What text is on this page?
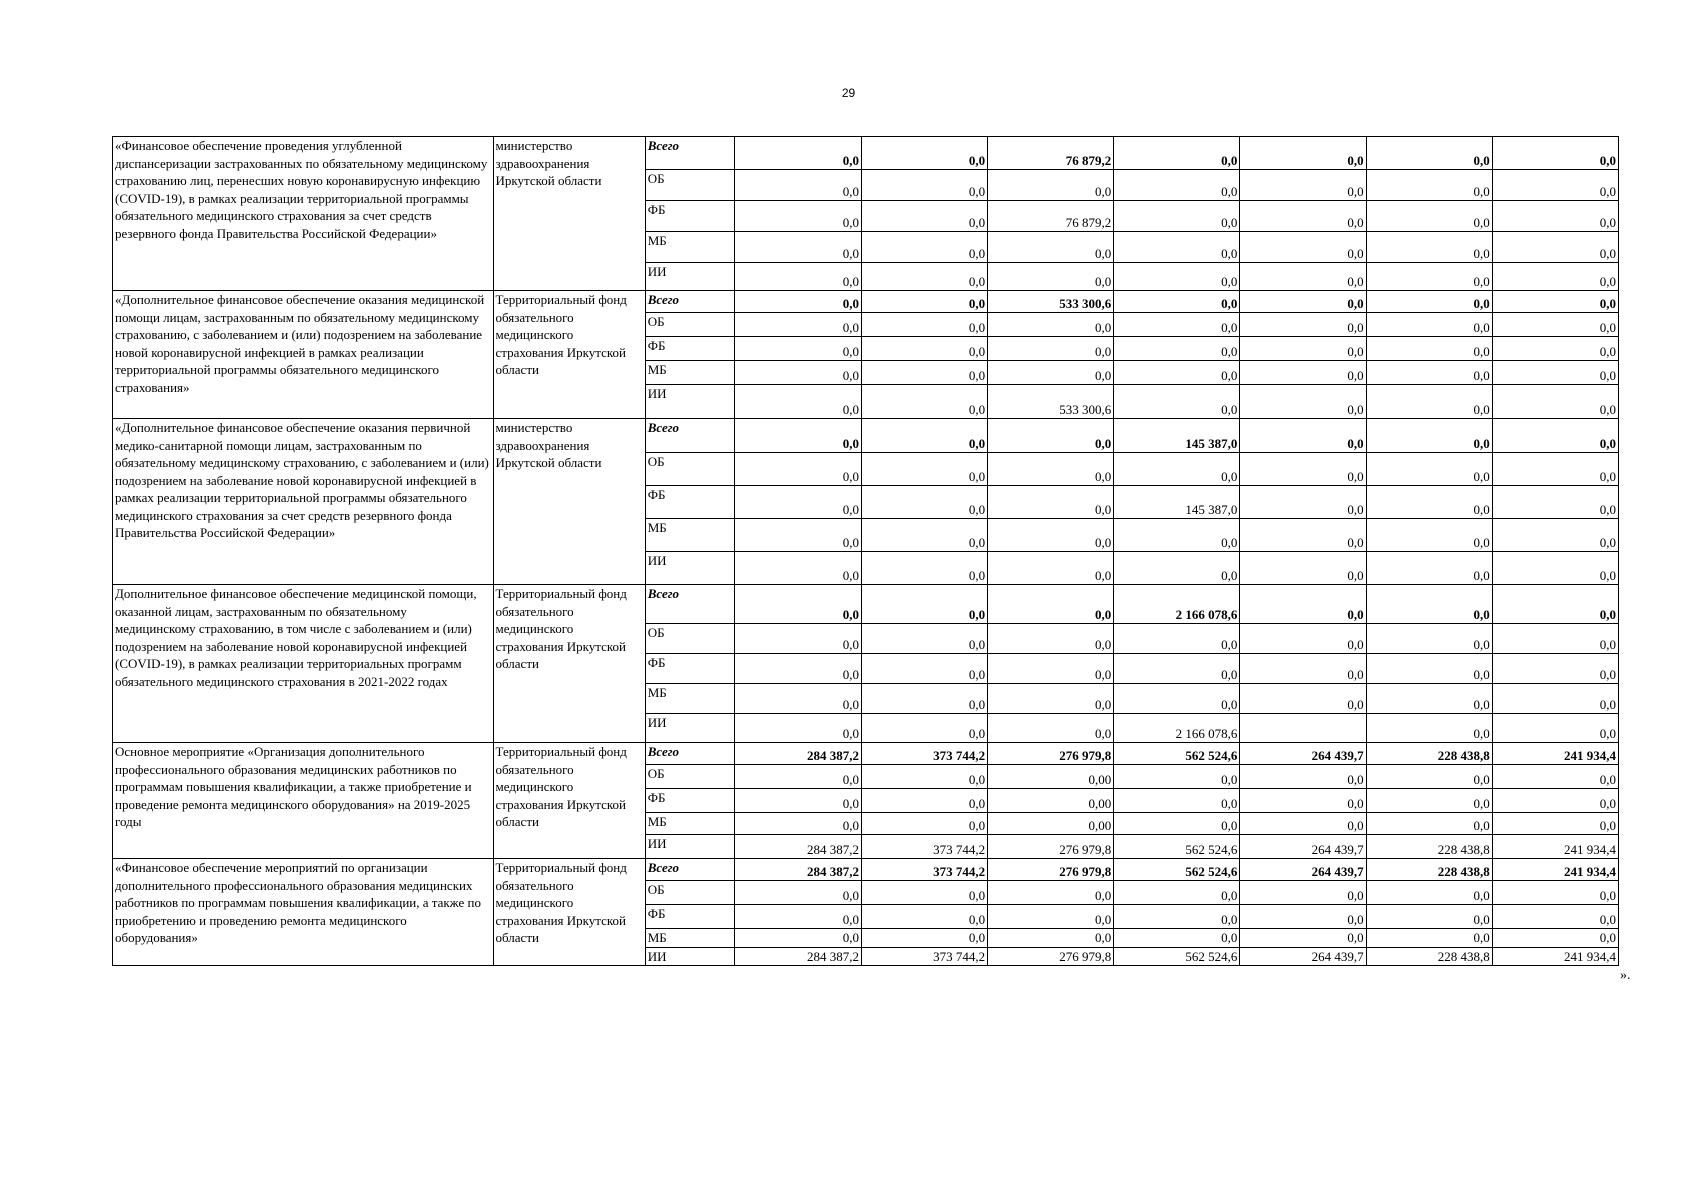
29
«Финансовое обеспечение проведения углубленной диспансеризации застрахованных по обязательному медицинскому страхованию лиц, перенесших новую коронавирусную инфекцию (COVID-19), в рамках реализации территориальной программы обязательного медицинского страхования за счет средств резервного фонда Правительства Российской Федерации»	министерство здравоохранения Иркутской области	Всего	0,0	0,0	76 879,2	0,0	0,0	0,0	0,0
		ОБ	0,0	0,0	0,0	0,0	0,0	0,0	0,0
		ФБ	0,0	0,0	76 879,2	0,0	0,0	0,0	0,0
		МБ	0,0	0,0	0,0	0,0	0,0	0,0	0,0
		ИИ	0,0	0,0	0,0	0,0	0,0	0,0	0,0
«Дополнительное финансовое обеспечение оказания медицинской помощи лицам, застрахованным по обязательному медицинскому страхованию, с заболеванием и (или) подозрением на заболевание новой коронавирусной инфекцией в рамках реализации территориальной программы обязательного медицинского страхования»	Территориальный фонд обязательного медицинского страхования Иркутской области	Всего	0,0	0,0	533 300,6	0,0	0,0	0,0	0,0
		ОБ	0,0	0,0	0,0	0,0	0,0	0,0	0,0
		ФБ	0,0	0,0	0,0	0,0	0,0	0,0	0,0
		МБ	0,0	0,0	0,0	0,0	0,0	0,0	0,0
		ИИ	0,0	0,0	533 300,6	0,0	0,0	0,0	0,0
«Дополнительное финансовое обеспечение оказания первичной медико-санитарной помощи лицам, застрахованным по обязательному медицинскому страхованию, с заболеванием и (или) подозрением на заболевание новой коронавирусной инфекцией в рамках реализации территориальной программы обязательного медицинского страхования за счет средств резервного фонда Правительства Российской Федерации»	министерство здравоохранения Иркутской области	Всего	0,0	0,0	0,0	145 387,0	0,0	0,0	0,0
		ОБ	0,0	0,0	0,0	0,0	0,0	0,0	0,0
		ФБ	0,0	0,0	0,0	145 387,0	0,0	0,0	0,0
		МБ	0,0	0,0	0,0	0,0	0,0	0,0	0,0
		ИИ	0,0	0,0	0,0	0,0	0,0	0,0	0,0
Дополнительное финансовое обеспечение медицинской помощи, оказанной лицам, застрахованным по обязательному медицинскому страхованию, в том числе с заболеванием и (или) подозрением на заболевание новой коронавирусной инфекцией (COVID-19), в рамках реализации территориальных программ обязательного медицинского страхования в 2021-2022 годах	Территориальный фонд обязательного медицинского страхования Иркутской области	Всего	0,0	0,0	0,0	2 166 078,6	0,0	0,0	0,0
		ОБ	0,0	0,0	0,0	0,0	0,0	0,0	0,0
		ФБ	0,0	0,0	0,0	0,0	0,0	0,0	0,0
		МБ	0,0	0,0	0,0	0,0	0,0	0,0	0,0
		ИИ	0,0	0,0	0,0	2 166 078,6		0,0	0,0
Основное мероприятие «Организация дополнительного профессионального образования медицинских работников по программам повышения квалификации, а также приобретение и проведение ремонта медицинского оборудования» на 2019-2025 годы	Территориальный фонд обязательного медицинского страхования Иркутской области	Всего	284 387,2	373 744,2	276 979,8	562 524,6	264 439,7	228 438,8	241 934,4
		ОБ	0,0	0,0	0,00	0,0	0,0	0,0	0,0
		ФБ	0,0	0,0	0,00	0,0	0,0	0,0	0,0
		МБ	0,0	0,0	0,00	0,0	0,0	0,0	0,0
		ИИ	284 387,2	373 744,2	276 979,8	562 524,6	264 439,7	228 438,8	241 934,4
«Финансовое обеспечение мероприятий по организации дополнительного профессионального образования медицинских работников по программам повышения квалификации, а также по приобретению и проведению ремонта медицинского оборудования»	Территориальный фонд обязательного медицинского страхования Иркутской области	Всего	284 387,2	373 744,2	276 979,8	562 524,6	264 439,7	228 438,8	241 934,4
		ОБ	0,0	0,0	0,0	0,0	0,0	0,0	0,0
		ФБ	0,0	0,0	0,0	0,0	0,0	0,0	0,0
		МБ	0,0	0,0	0,0	0,0	0,0	0,0	0,0
		ИИ	284 387,2	373 744,2	276 979,8	562 524,6	264 439,7	228 438,8	241 934,4
».
